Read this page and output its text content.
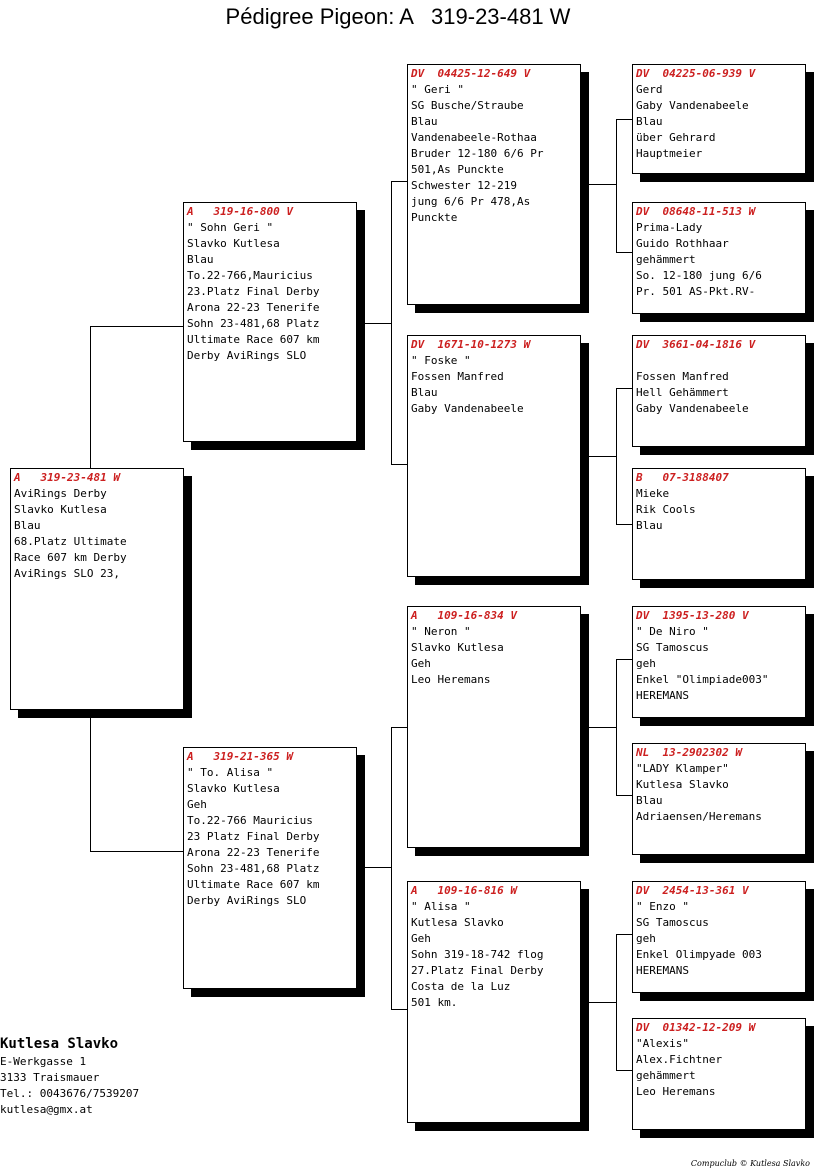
Pédigree Pigeon: A   319-23-481 W
A   319-23-481 W
AviRings Derby
Slavko Kutlesa
Blau
68.Platz Ultimate
Race 607 km Derby
AviRings SLO 23,
A   319-16-800 V
" Sohn Geri "
Slavko Kutlesa
Blau
To.22-766,Mauricius
23.Platz Final Derby
Arona 22-23 Tenerife
Sohn 23-481,68 Platz
Ultimate Race 607 km
Derby AviRings SLO
A   319-21-365 W
" To. Alisa "
Slavko Kutlesa
Geh
To.22-766 Mauricius
23 Platz Final Derby
Arona 22-23 Tenerife
Sohn 23-481,68 Platz
Ultimate Race 607 km
Derby AviRings SLO
DV  04425-12-649 V
" Geri "
SG Busche/Straube
Blau
Vandenabeele-Rothaa
Bruder 12-180 6/6 Pr
501,As Punckte
Schwester 12-219
jung 6/6 Pr 478,As
Punckte
DV  1671-10-1273 W
" Foske "
Fossen Manfred
Blau
Gaby Vandenabeele
A   109-16-834 V
" Neron "
Slavko Kutlesa
Geh
Leo Heremans
A   109-16-816 W
" Alisa "
Kutlesa Slavko
Geh
Sohn 319-18-742 flog
27.Platz Final Derby
Costa de la Luz
501 km.
DV  04225-06-939 V
Gerd
Gaby Vandenabeele
Blau
über Gehrard
Hauptmeier
DV  08648-11-513 W
Prima-Lady
Guido Rothhaar
gehämmert
So. 12-180 jung 6/6
Pr. 501 AS-Pkt.RV-
DV  3661-04-1816 V

Fossen Manfred
Hell Gehämmert
Gaby Vandenabeele
B   07-3188407
Mieke
Rik Cools
Blau
DV  1395-13-280 V
" De Niro "
SG Tamoscus
geh
Enkel "Olimpiade003"
HEREMANS
NL  13-2902302 W
"LADY Klamper"
Kutlesa Slavko
Blau
Adriaensen/Heremans
DV  2454-13-361 V
" Enzo "
SG Tamoscus
geh
Enkel Olimpyade 003
HEREMANS
DV  01342-12-209 W
"Alexis"
Alex.Fichtner
gehämmert
Leo Heremans
Kutlesa Slavko
E-Werkgasse 1
3133 Traismauer
Tel.: 0043676/7539207
kutlesa@gmx.at
Compuclub © Kutlesa Slavko
